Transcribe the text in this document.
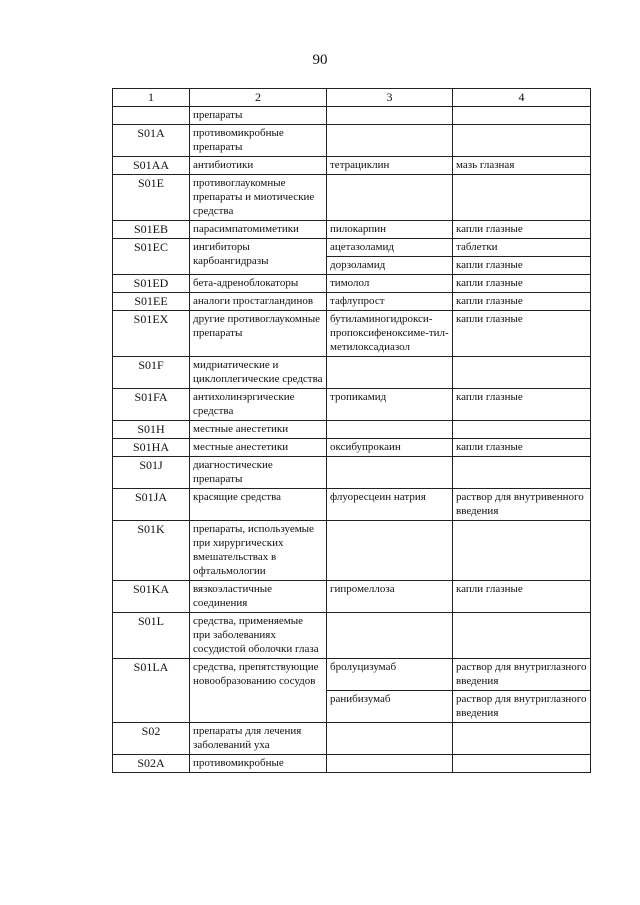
90
1	2	3	4
	препараты		
S01A	противомикробные препараты		
S01AA	антибиотики	тетрациклин	мазь глазная
S01E	противоглаукомные препараты и миотические средства		
S01EB	парасимпатомиметики	пилокарпин	капли глазные
S01EC	ингибиторы карбоангидразы	ацетазоламид	таблетки
		дорзоламид	капли глазные
S01ED	бета-адреноблокаторы	тимолол	капли глазные
S01EE	аналоги простагландинов	тафлупрост	капли глазные
S01EX	другие противоглаукомные препараты	бутиламиногидрокси-пропоксифеноксиме-тил-метилоксадиазол	капли глазные
S01F	мидриатические и циклоплегические средства		
S01FA	антихолинэргические средства	тропикамид	капли глазные
S01H	местные анестетики		
S01HA	местные анестетики	оксибупрокаин	капли глазные
S01J	диагностические препараты		
S01JA	красящие средства	флуоресцеин натрия	раствор для внутривенного введения
S01K	препараты, используемые при хирургических вмешательствах в офтальмологии		
S01KA	вязкоэластичные соединения	гипромеллоза	капли глазные
S01L	средства, применяемые при заболеваниях сосудистой оболочки глаза		
S01LA	средства, препятствующие новообразованию сосудов	бролуцизумаб	раствор для внутриглазного введения
		ранибизумаб	раствор для внутриглазного введения
S02	препараты для лечения заболеваний уха		
S02A	противомикробные		
